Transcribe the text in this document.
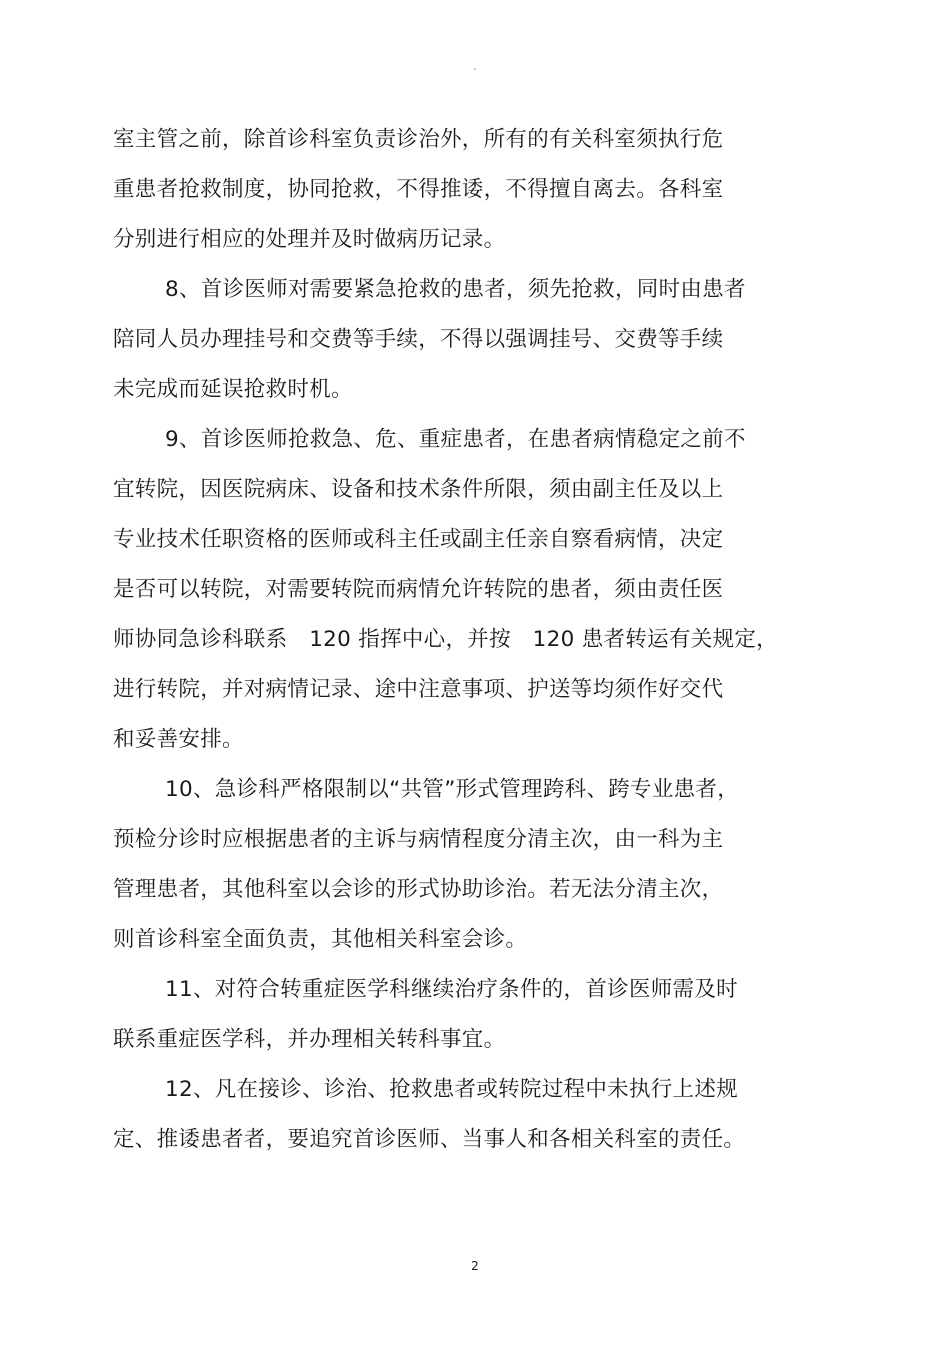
"
室主管之前，除首诊科室负责诊治外，所有的有关科室须执行危
重患者抢救制度，协同抢救，不得推诿，不得擅自离去。各科室
分别进行相应的处理并及时做病历记录。
8、首诊医师对需要紧急抢救的患者，须先抢救，同时由患者
陪同人员办理挂号和交费等手续，不得以强调挂号、交费等手续
未完成而延误抢救时机。
9、首诊医师抢救急、危、重症患者，在患者病情稳定之前不
宜转院，因医院病床、设备和技术条件所限，须由副主任及以上
专业技术任职资格的医师或科主任或副主任亲自察看病情，决定
是否可以转院，对需要转院而病情允许转院的患者，须由责任医
师协同急诊科联系　120 指挥中心，并按　120 患者转运有关规定，
进行转院，并对病情记录、途中注意事项、护送等均须作好交代
和妥善安排。
10、急诊科严格限制以“共管”形式管理跨科、跨专业患者，
预检分诊时应根据患者的主诉与病情程度分清主次，由一科为主
管理患者，其他科室以会诊的形式协助诊治。若无法分清主次，
则首诊科室全面负责，其他相关科室会诊。
11、对符合转重症医学科继续治疗条件的，首诊医师需及时
联系重症医学科，并办理相关转科事宜。
12、凡在接诊、诊治、抢救患者或转院过程中未执行上述规
定、推诿患者者，要追究首诊医师、当事人和各相关科室的责任。
2
